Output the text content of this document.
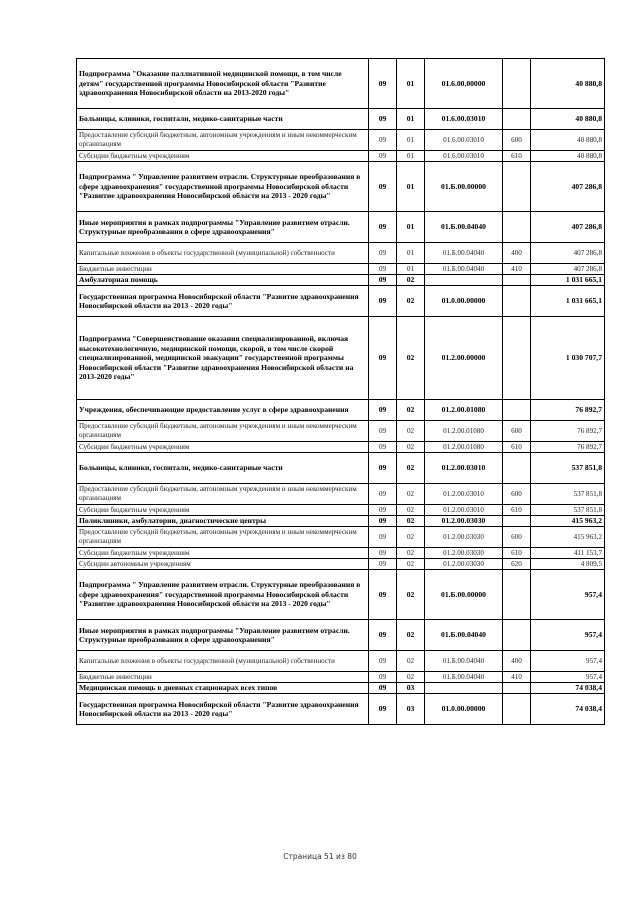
Подпрограмма "Оказание паллиативной медицинской помощи, в том числе детям" государственной программы Новосибирской области "Развитие здравоохранения Новосибирской области на 2013-2020 годы"	09	01	01.6.00.00000		40 880,8
Больницы, клиники, госпитали, медико-санитарные части	09	01	01.6.00.03010		40 880,8
Предоставление субсидий бюджетным, автономным учреждениям и иным некоммерческим организациям	09	01	01.6.00.03010	600	40 880,8
Субсидии бюджетным учреждениям	09	01	01.6.00.03010	610	40 880,8
Подпрограмма " Управление развитием отрасли. Структурные преобразования в сфере здравоохранения" государственной программы Новосибирской области "Развитие здравоохранения Новосибирской области на 2013 - 2020 годы"	09	01	01.Б.00.00000		407 286,8
Иные мероприятия в рамках подпрограммы "Управление развитием отрасли. Структурные преобразования в сфере здравоохранения"	09	01	01.Б.00.04040		407 286,8
Капитальные вложения в объекты государственной (муниципальной) собственности	09	01	01.Б.00.04040	400	407 286,8
Бюджетные инвестиции	09	01	01.Б.00.04040	410	407 286,8
Амбулаторная помощь	09	02			1 031 665,1
Государственная программа Новосибирской области "Развитие здравоохранения Новосибирской области на 2013 - 2020 годы"	09	02	01.0.00.00000		1 031 665,1
Подпрограмма "Совершенствование оказания специализированной, включая высокотехнологичную, медицинской помощи, скорой, в том числе скорой специализированной, медицинской эвакуации" государственной программы Новосибирской области "Развитие здравоохранения Новосибирской области на 2013-2020 годы"	09	02	01.2.00.00000		1 030 707,7
Учреждения, обеспечивающие предоставление услуг в сфере здравоохранения	09	02	01.2.00.01080		76 892,7
Предоставление субсидий бюджетным, автономным учреждениям и иным некоммерческим организациям	09	02	01.2.00.01080	600	76 892,7
Субсидии бюджетным учреждениям	09	02	01.2.00.01080	610	76 892,7
Больницы, клиники, госпитали, медико-санитарные части	09	02	01.2.00.03010		537 851,8
Предоставление субсидий бюджетным, автономным учреждениям и иным некоммерческим организациям	09	02	01.2.00.03010	600	537 851,8
Субсидии бюджетным учреждениям	09	02	01.2.00.03010	610	537 851,8
Поликлиники, амбулатории, диагностические центры	09	02	01.2.00.03030		415 963,2
Предоставление субсидий бюджетным, автономным учреждениям и иным некоммерческим организациям	09	02	01.2.00.03030	600	415 963,2
Субсидии бюджетным учреждениям	09	02	01.2.00.03030	610	411 153,7
Субсидии автономным учреждениям	09	02	01.2.00.03030	620	4 809,5
Подпрограмма " Управление развитием отрасли. Структурные преобразования в сфере здравоохранения" государственной программы Новосибирской области "Развитие здравоохранения Новосибирской области на 2013 - 2020 годы"	09	02	01.Б.00.00000		957,4
Иные мероприятия в рамках подпрограммы "Управление развитием отрасли. Структурные преобразования в сфере здравоохранения"	09	02	01.Б.00.04040		957,4
Капитальные вложения в объекты государственной (муниципальной) собственности	09	02	01.Б.00.04040	400	957,4
Бюджетные инвестиции	09	02	01.Б.00.04040	410	957,4
Медицинская помощь в дневных стационарах всех типов	09	03			74 038,4
Государственная программа Новосибирской области "Развитие здравоохранения Новосибирской области на 2013 - 2020 годы"	09	03	01.0.00.00000		74 038,4
Страница 51 из 80
